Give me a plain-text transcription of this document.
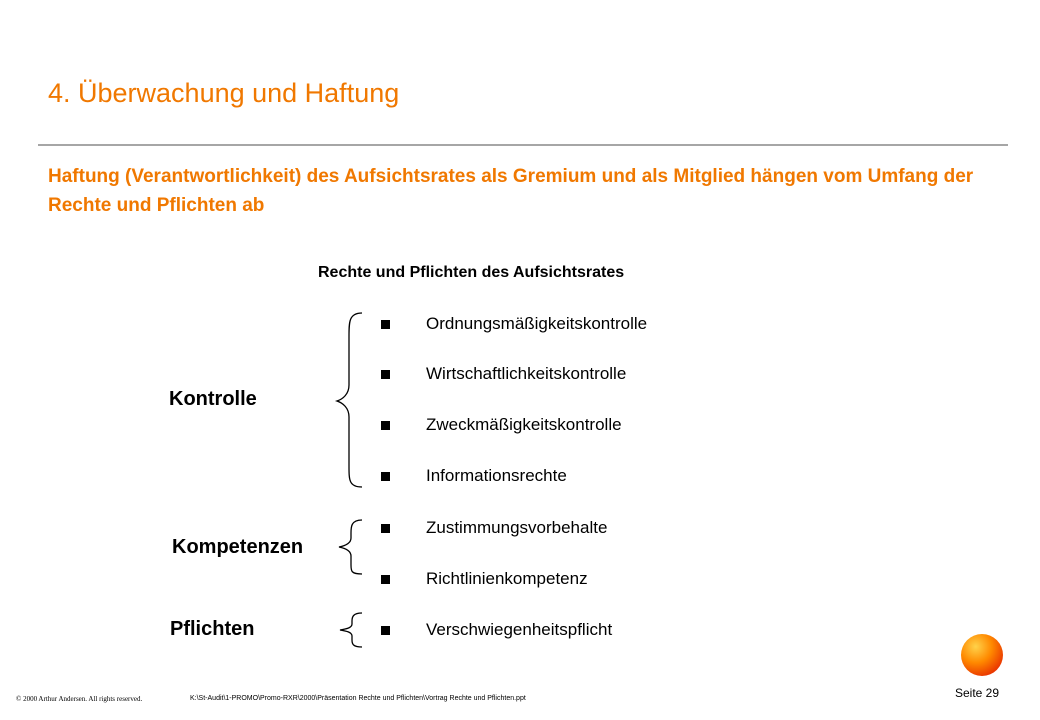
4. Überwachung und Haftung
Haftung (Verantwortlichkeit) des Aufsichtsrates als Gremium und als Mitglied hängen vom Umfang der Rechte und Pflichten ab
Rechte und Pflichten des Aufsichtsrates
Kontrolle
Ordnungsmäßigkeitskontrolle
Wirtschaftlichkeitskontrolle
Zweckmäßigkeitskontrolle
Informationsrechte
Kompetenzen
Zustimmungsvorbehalte
Richtlinienkompetenz
Pflichten	Verschwiegenheitspflicht
Seite 29
© 2000 Arthur Andersen. All rights reserved.	K:\St-Audit\1-PROMO\Promo-RXR\2000\Präsentation Rechte und Pflichten\Vortrag Rechte und Pflichten.ppt
